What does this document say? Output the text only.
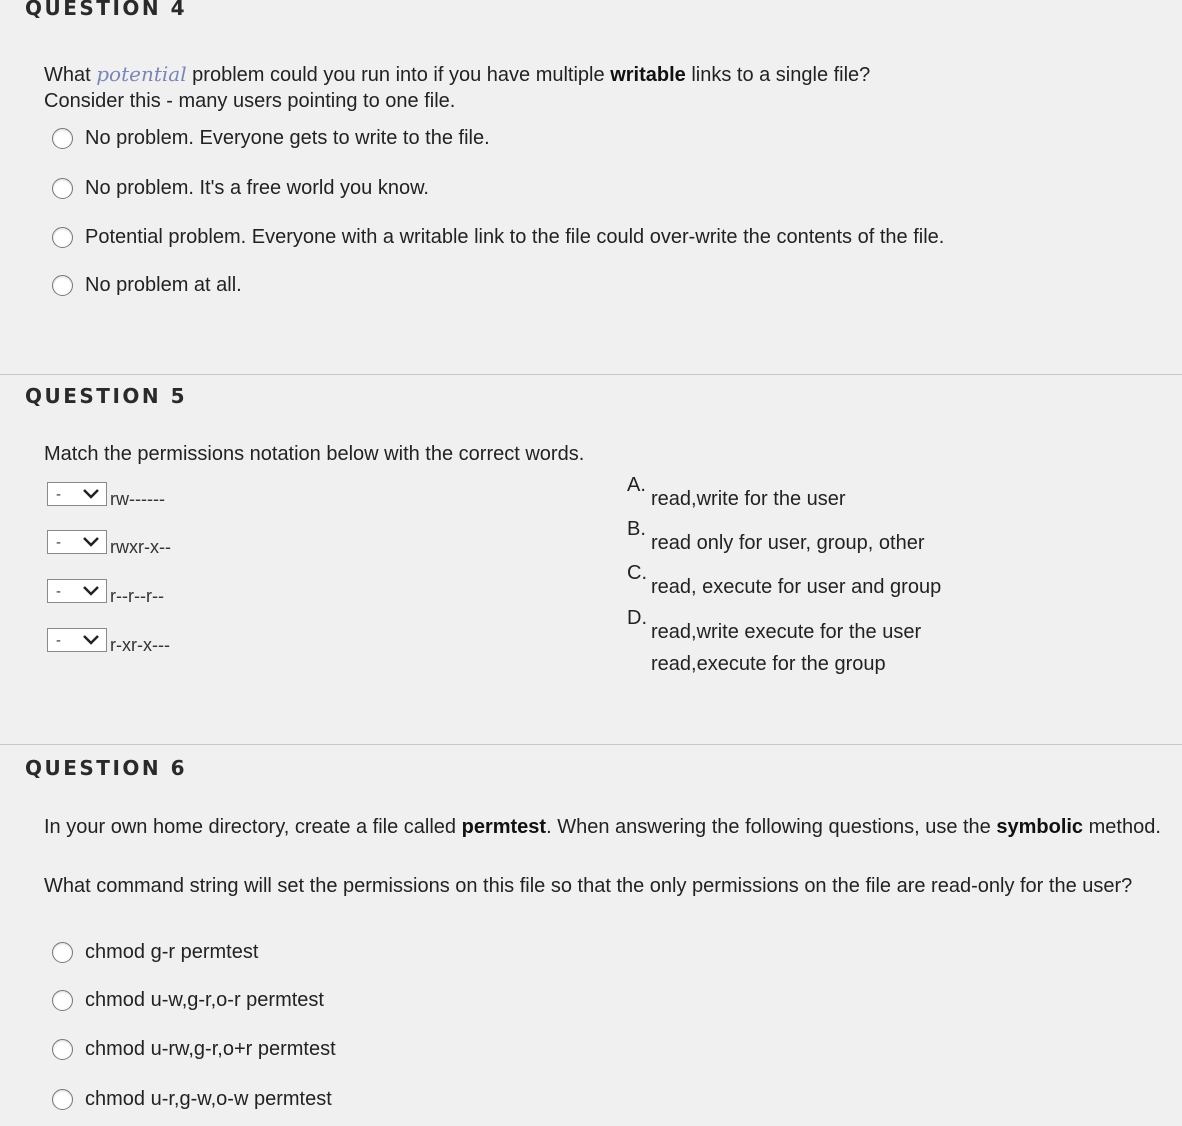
QUESTION 4
What potential problem could you run into if you have multiple writable links to a single file?
Consider this - many users pointing to one file.
No problem. Everyone gets to write to the file.
No problem. It's a free world you know.
Potential problem. Everyone with a writable link to the file could over-write the contents of the file.
No problem at all.
QUESTION 5
Match the permissions notation below with the correct words.
-	rw------
-	rwxr-x--
-	r--r--r--
-	r-xr-x---
A.
read,write for the user
B.
read only for user, group, other
C.
read, execute for user and group
D.
read,write execute for the user
read,execute for the group
QUESTION 6
In your own home directory, create a file called permtest. When answering the following questions, use the symbolic method.
What command string will set the permissions on this file so that the only permissions on the file are read-only for the user?
chmod g-r permtest
chmod u-w,g-r,o-r permtest
chmod u-rw,g-r,o+r permtest
chmod u-r,g-w,o-w permtest
